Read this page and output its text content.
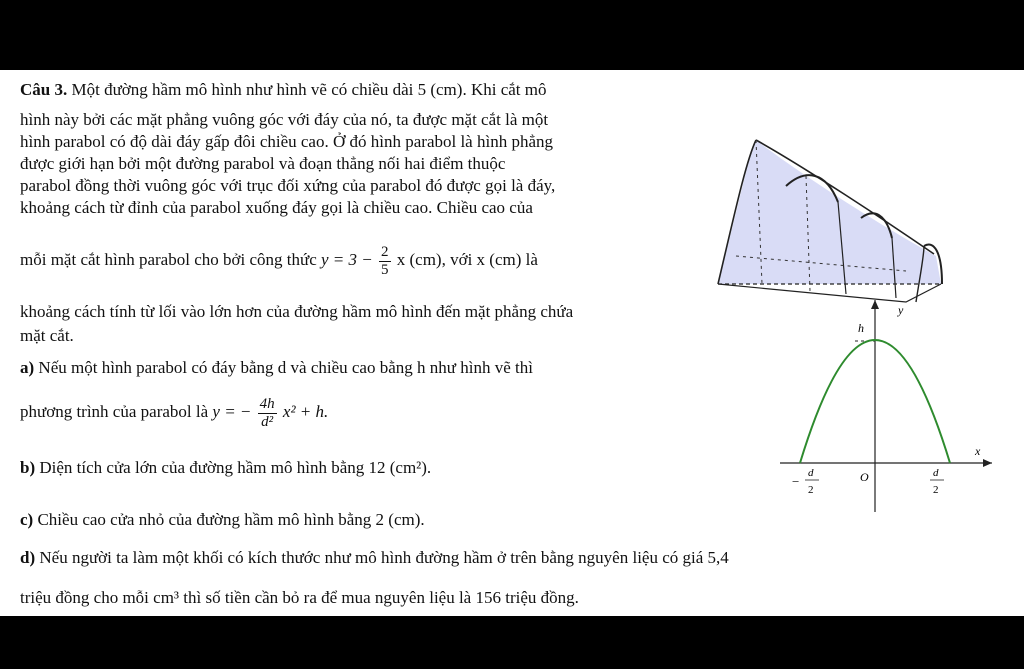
Câu 3. Một đường hầm mô hình như hình vẽ có chiều dài 5 (cm). Khi cắt mô
hình này bởi các mặt phẳng vuông góc với đáy của nó, ta được mặt cắt là một
hình parabol có độ dài đáy gấp đôi chiều cao. Ở đó hình parabol là hình phẳng
được giới hạn bởi một đường parabol và đoạn thẳng nối hai điểm thuộc
parabol đồng thời vuông góc với trục đối xứng của parabol đó được gọi là đáy,
khoảng cách từ đỉnh của parabol xuống đáy gọi là chiều cao. Chiều cao của
mỗi mặt cắt hình parabol cho bởi công thức $y = 3 - \frac{2}{5}$ x (cm), với x (cm) là
khoảng cách tính từ lối vào lớn hơn của đường hầm mô hình đến mặt phẳng chứa
mặt cắt.
a) Nếu một hình parabol có đáy bằng d và chiều cao bằng h như hình vẽ thì
phương trình của parabol là y = − $\frac{4h}{\text{d²}} x^2 + h$.
b) Diện tích cửa lớn của đường hầm mô hình bằng 12 (cm²).
c) Chiều cao cửa nhỏ của đường hầm mô hình bằng 2 (cm).
d) Nếu người ta làm một khối có kích thước như mô hình đường hầm ở trên bằng nguyên liệu có giá 5,4
triệu đồng cho mỗi cm³ thì số tiền cần bỏ ra để mua nguyên liệu là 156 triệu đồng.
y
x
h
O
−
d
2
d
2
